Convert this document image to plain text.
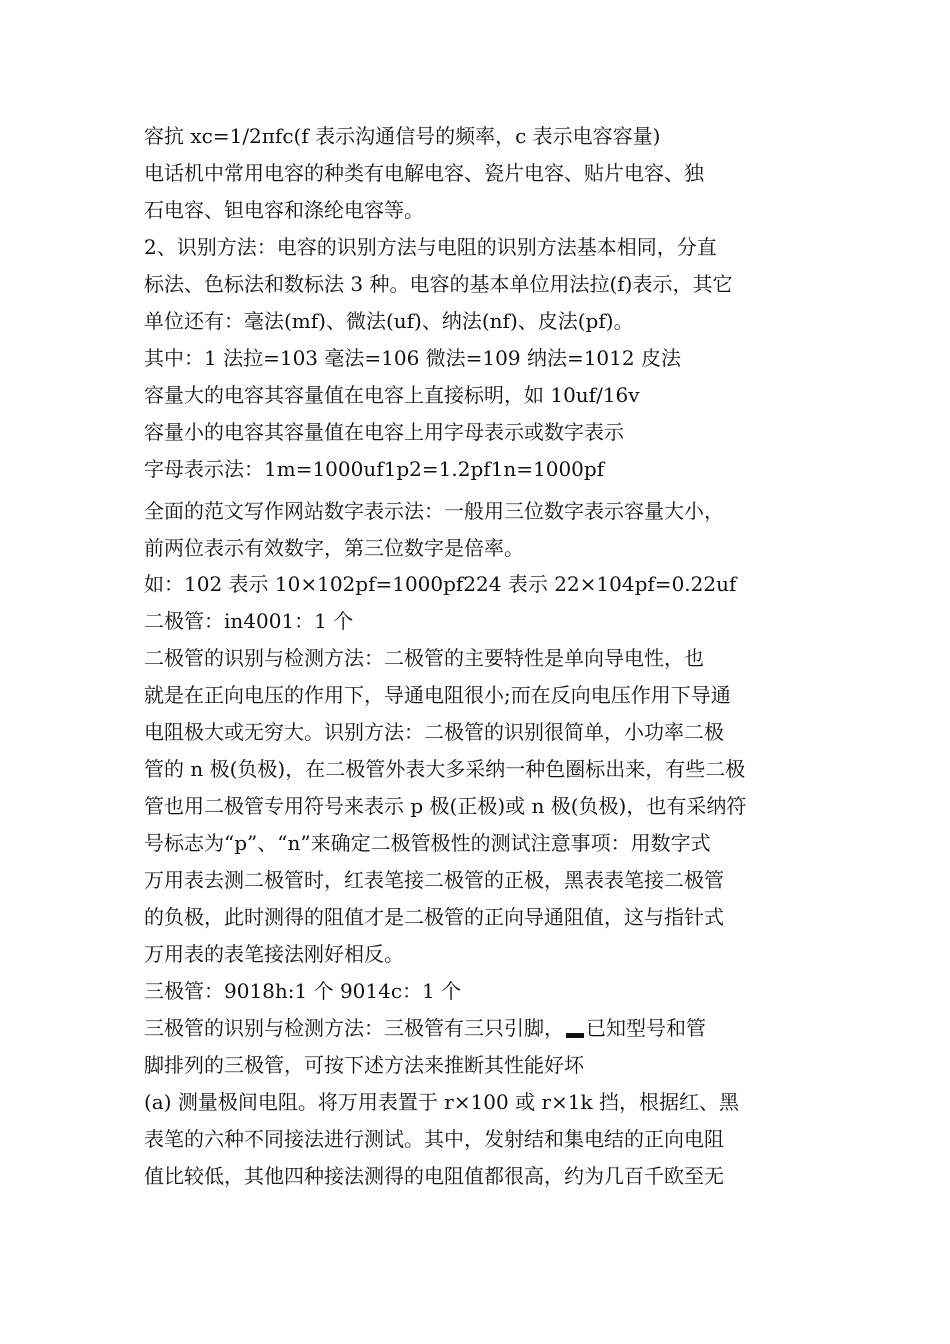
容抗 xc=1/2πfc(f 表示沟通信号的频率，c 表示电容容量)
电话机中常用电容的种类有电解电容、瓷片电容、贴片电容、独
石电容、钽电容和涤纶电容等。
2、识别方法：电容的识别方法与电阻的识别方法基本相同，分直
标法、色标法和数标法 3 种。电容的基本单位用法拉(f)表示，其它
单位还有：毫法(mf)、微法(uf)、纳法(nf)、皮法(pf)。
其中：1 法拉=103 毫法=106 微法=109 纳法=1012 皮法
容量大的电容其容量值在电容上直接标明，如 10uf/16v
容量小的电容其容量值在电容上用字母表示或数字表示
字母表示法：1m=1000uf1p2=1.2pf1n=1000pf
全面的范文写作网站数字表示法：一般用三位数字表示容量大小，
前两位表示有效数字，第三位数字是倍率。
如：102 表示 10×102pf=1000pf224 表示 22×104pf=0.22uf
二极管：in4001：1 个
二极管的识别与检测方法：二极管的主要特性是单向导电性，也
就是在正向电压的作用下，导通电阻很小;而在反向电压作用下导通
电阻极大或无穷大。识别方法：二极管的识别很简单，小功率二极
管的 n 极(负极)，在二极管外表大多采纳一种色圈标出来，有些二极
管也用二极管专用符号来表示 p 极(正极)或 n 极(负极)，也有采纳符
号标志为“p”、“n”来确定二极管极性的测试注意事项：用数字式
万用表去测二极管时，红表笔接二极管的正极，黑表表笔接二极管
的负极，此时测得的阻值才是二极管的正向导通阻值，这与指针式
万用表的表笔接法刚好相反。
三极管：9018h:1 个 9014c：1 个
三极管的识别与检测方法：三极管有三只引脚， 已知型号和管
脚排列的三极管，可按下述方法来推断其性能好坏
(a) 测量极间电阻。将万用表置于 r×100 或 r×1k 挡，根据红、黑
表笔的六种不同接法进行测试。其中，发射结和集电结的正向电阻
值比较低，其他四种接法测得的电阻值都很高，约为几百千欧至无
